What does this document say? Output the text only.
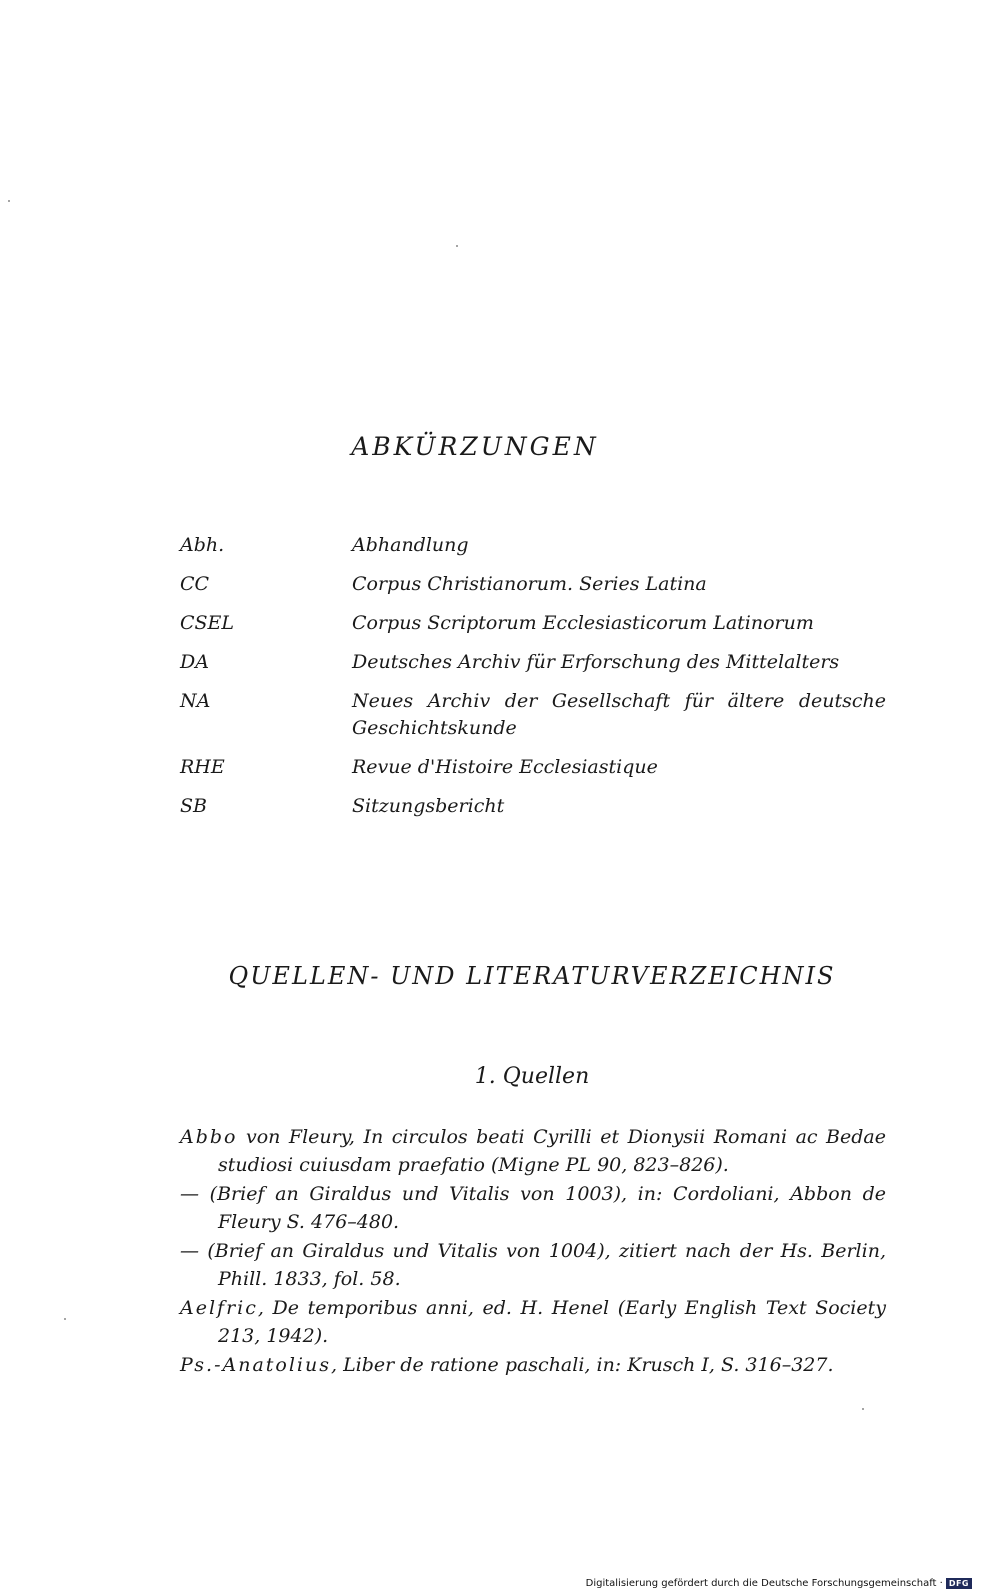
ABKÜRZUNGEN
Abh.	Abhandlung
CC	Corpus Christianorum. Series Latina
CSEL	Corpus Scriptorum Ecclesiasticorum Latinorum
DA	Deutsches Archiv für Erforschung des Mittelalters
NA	Neues Archiv der Gesellschaft für ältere deutsche Geschichtskunde
RHE	Revue d'Histoire Ecclesiastique
SB	Sitzungsbericht
QUELLEN- UND LITERATURVERZEICHNIS
1. Quellen

Abbo von Fleury, In circulos beati Cyrilli et Dionysii Romani ac Bedae studiosi cuiusdam praefatio (Migne PL 90, 823–826).

— (Brief an Giraldus und Vitalis von 1003), in: Cordoliani, Abbon de Fleury S. 476–480.

— (Brief an Giraldus und Vitalis von 1004), zitiert nach der Hs. Berlin, Phill. 1833, fol. 58.

Aelfric, De temporibus anni, ed. H. Henel (Early English Text Society 213, 1942).

Ps.-Anatolius, Liber de ratione paschali, in: Krusch I, S. 316–327.

Digitalisierung gefördert durch die Deutsche Forschungsgemeinschaft · DFG
